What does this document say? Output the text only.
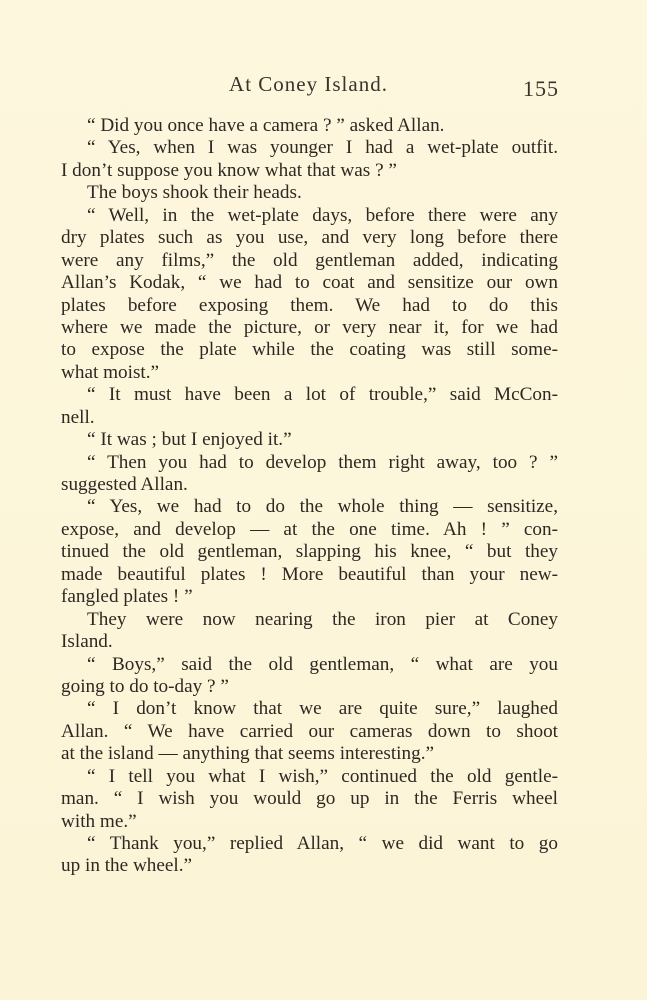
At Coney Island.	155
“ Did you once have a camera ? ” asked Allan.
“ Yes, when I was younger I had a wet-plate outfit.
I don’t suppose you know what that was ? ”
The boys shook their heads.
“ Well, in the wet-plate days, before there were any
dry plates such as you use, and very long before there
were any films,” the old gentleman added, indicating
Allan’s Kodak, “ we had to coat and sensitize our own
plates before exposing them. We had to do this
where we made the picture, or very near it, for we had
to expose the plate while the coating was still some-
what moist.”
“ It must have been a lot of trouble,” said McCon-
nell.
“ It was ; but I enjoyed it.”
“ Then you had to develop them right away, too ? ”
suggested Allan.
“ Yes, we had to do the whole thing — sensitize,
expose, and develop — at the one time. Ah ! ” con-
tinued the old gentleman, slapping his knee, “ but they
made beautiful plates ! More beautiful than your new-
fangled plates ! ”
They were now nearing the iron pier at Coney
Island.
“ Boys,” said the old gentleman, “ what are you
going to do to-day ? ”
“ I don’t know that we are quite sure,” laughed
Allan. “ We have carried our cameras down to shoot
at the island — anything that seems interesting.”
“ I tell you what I wish,” continued the old gentle-
man. “ I wish you would go up in the Ferris wheel
with me.”
“ Thank you,” replied Allan, “ we did want to go
up in the wheel.”
